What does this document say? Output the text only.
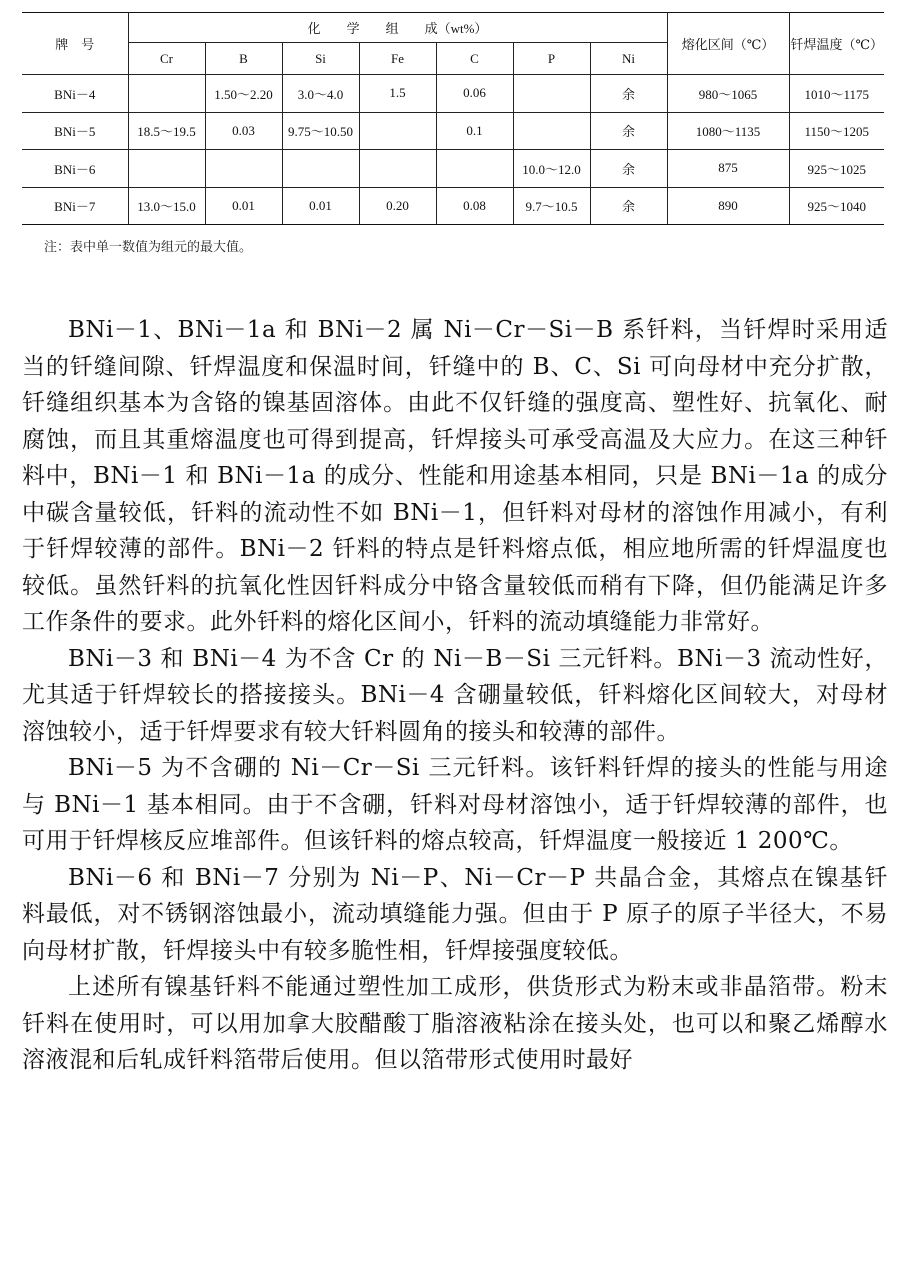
牌　号	化　　学　　组　　成（wt%）							熔化区间（℃）	钎焊温度（℃）
	Cr	B	Si	Fe	C	P	Ni		
BNi－4		1.50～2.20	3.0～4.0	1.5	0.06		余	980～1065	1010～1175
BNi－5	18.5～19.5	0.03	9.75～10.50		0.1		余	1080～1135	1150～1205
BNi－6						10.0～12.0	余	875	925～1025
BNi－7	13.0～15.0	0.01	0.01	0.20	0.08	9.7～10.5	余	890	925～1040
注：表中单一数值为组元的最大值。

BNi－1、BNi－1a 和 BNi－2 属 Ni－Cr－Si－B 系钎料，当钎焊时采用适当的钎缝间隙、钎焊温度和保温时间，钎缝中的 B、C、Si 可向母材中充分扩散，钎缝组织基本为含铬的镍基固溶体。由此不仅钎缝的强度高、塑性好、抗氧化、耐腐蚀，而且其重熔温度也可得到提高，钎焊接头可承受高温及大应力。在这三种钎料中，BNi－1 和 BNi－1a 的成分、性能和用途基本相同，只是 BNi－1a 的成分中碳含量较低，钎料的流动性不如 BNi－1，但钎料对母材的溶蚀作用减小，有利于钎焊较薄的部件。BNi－2 钎料的特点是钎料熔点低，相应地所需的钎焊温度也较低。虽然钎料的抗氧化性因钎料成分中铬含量较低而稍有下降，但仍能满足许多工作条件的要求。此外钎料的熔化区间小，钎料的流动填缝能力非常好。

BNi－3 和 BNi－4 为不含 Cr 的 Ni－B－Si 三元钎料。BNi－3 流动性好，尤其适于钎焊较长的搭接接头。BNi－4 含硼量较低，钎料熔化区间较大，对母材溶蚀较小，适于钎焊要求有较大钎料圆角的接头和较薄的部件。

BNi－5 为不含硼的 Ni－Cr－Si 三元钎料。该钎料钎焊的接头的性能与用途与 BNi－1 基本相同。由于不含硼，钎料对母材溶蚀小，适于钎焊较薄的部件，也可用于钎焊核反应堆部件。但该钎料的熔点较高，钎焊温度一般接近 1 200℃。

BNi－6 和 BNi－7 分别为 Ni－P、Ni－Cr－P 共晶合金，其熔点在镍基钎料最低，对不锈钢溶蚀最小，流动填缝能力强。但由于 P 原子的原子半径大，不易向母材扩散，钎焊接头中有较多脆性相，钎焊接强度较低。

上述所有镍基钎料不能通过塑性加工成形，供货形式为粉末或非晶箔带。粉末钎料在使用时，可以用加拿大胶醋酸丁脂溶液粘涂在接头处，也可以和聚乙烯醇水溶液混和后轧成钎料箔带后使用。但以箔带形式使用时最好
